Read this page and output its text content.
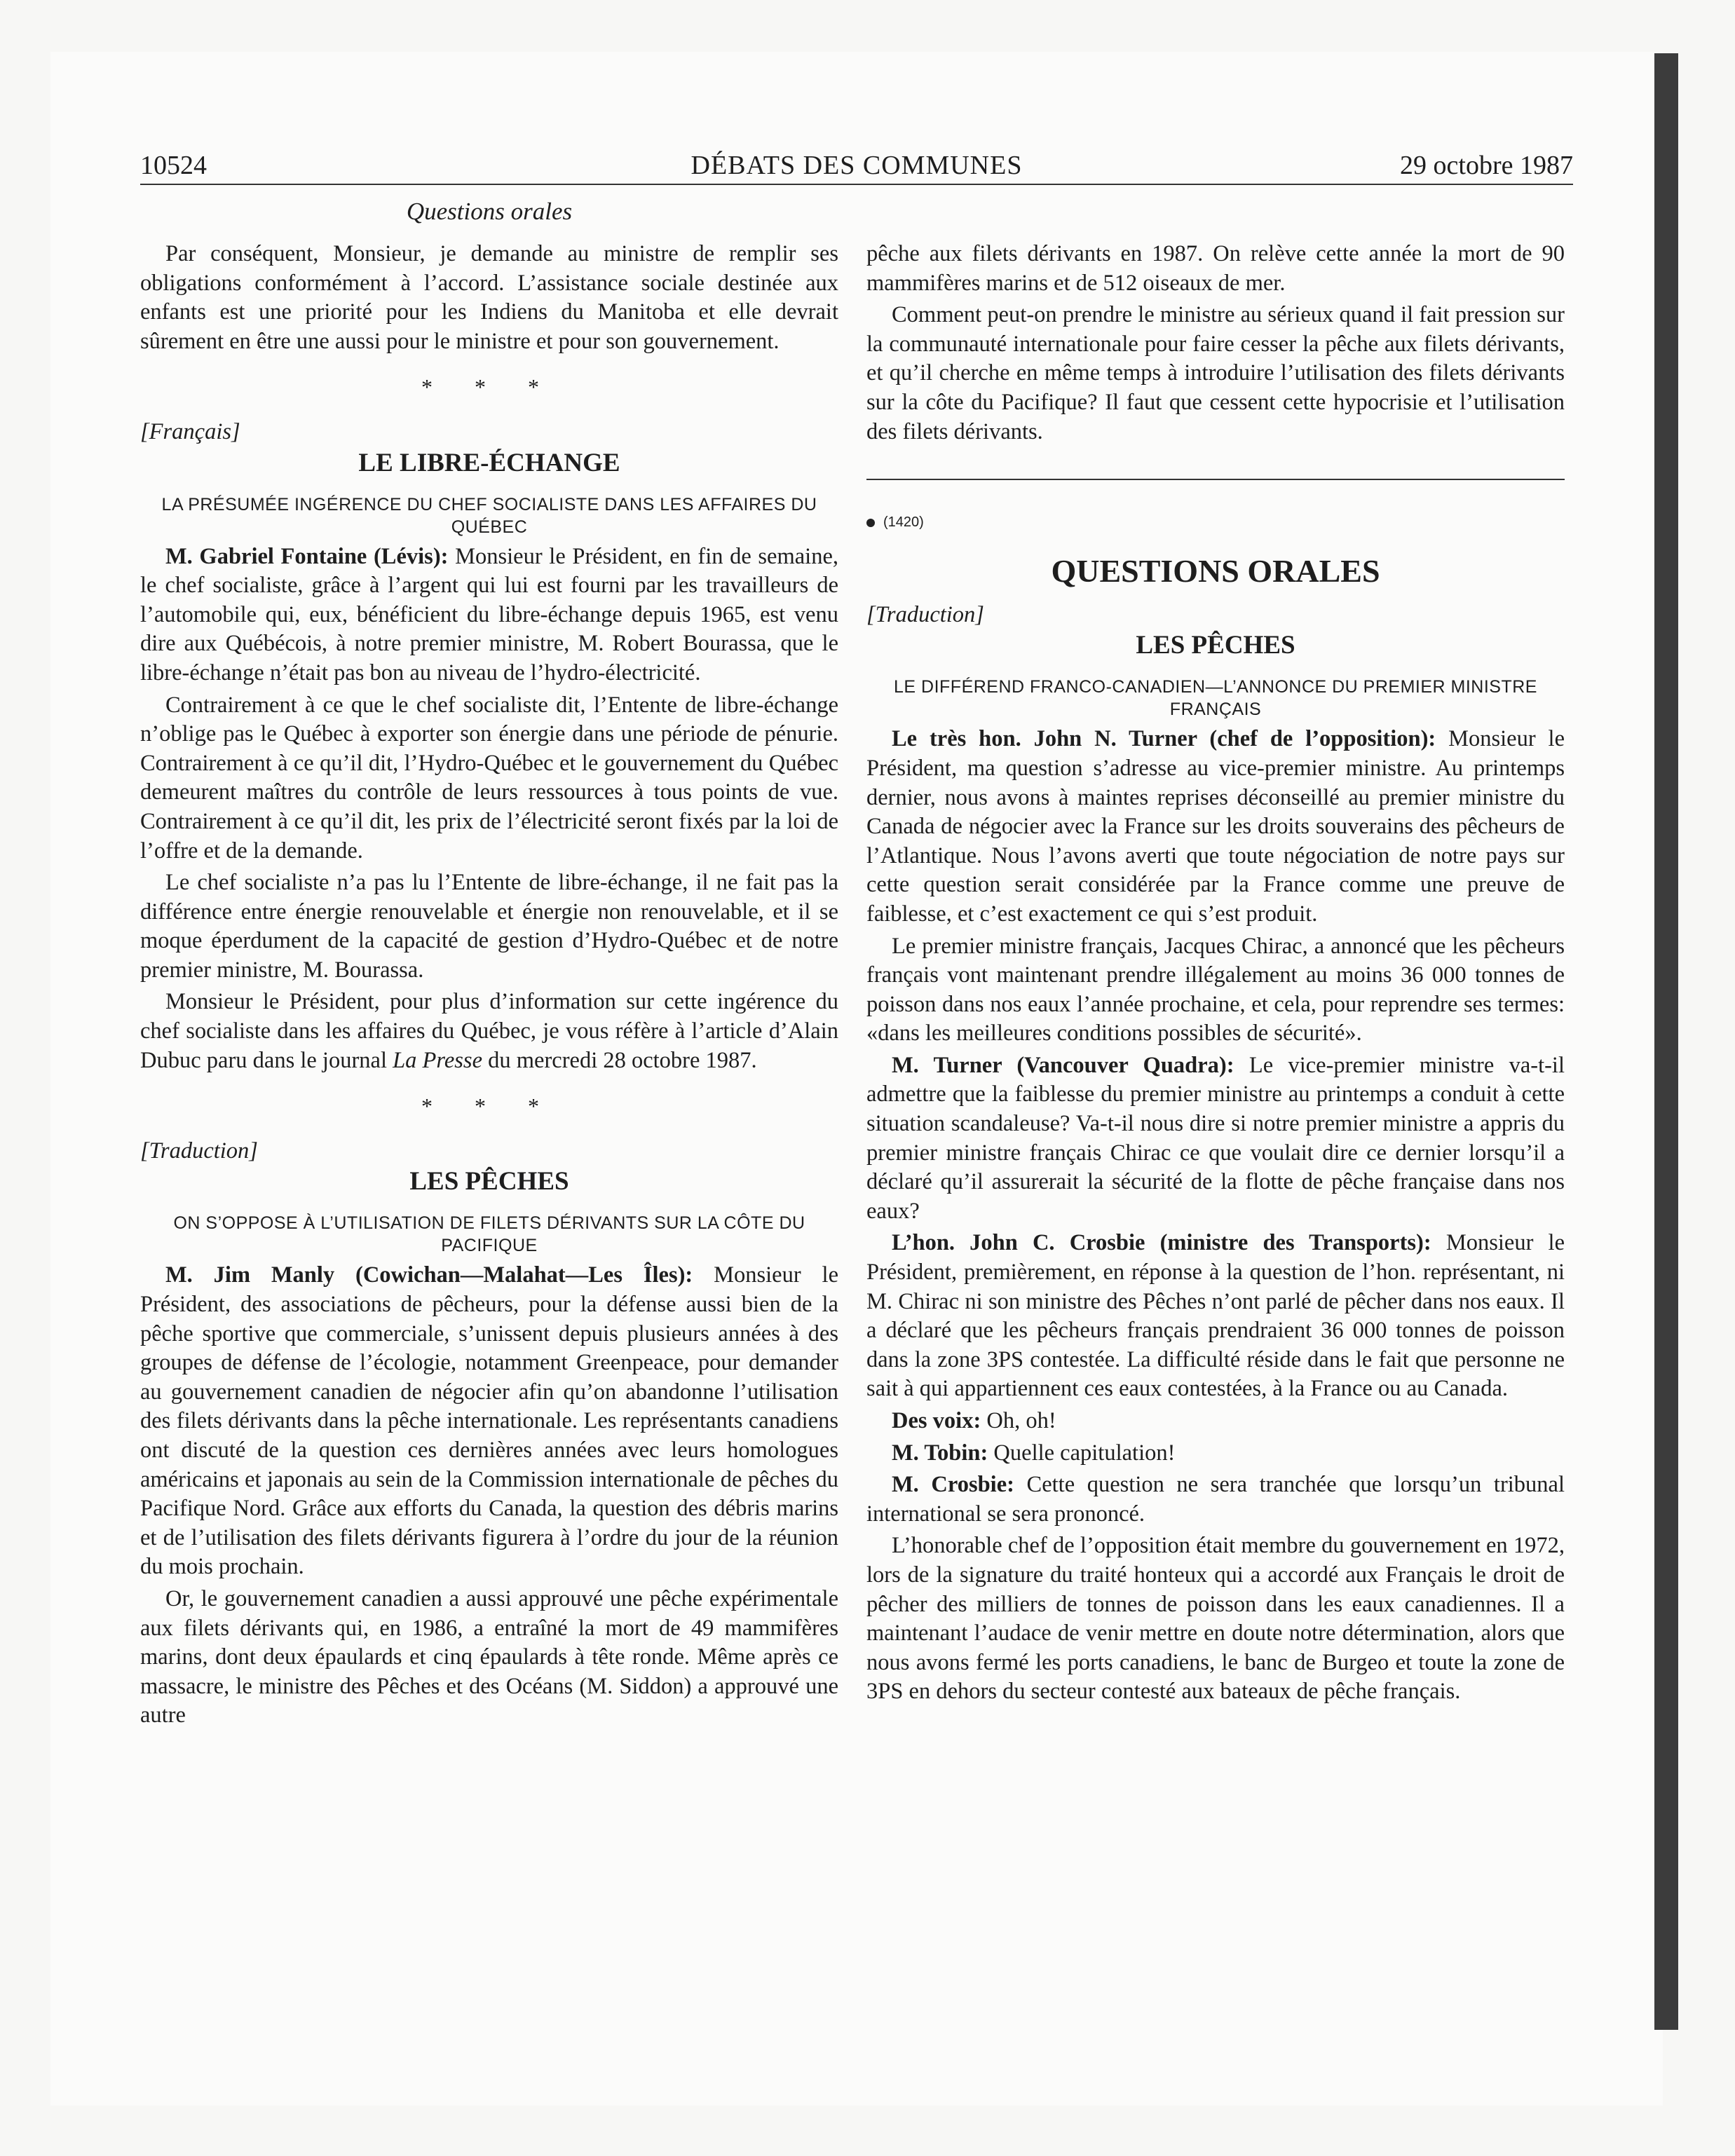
10524	DÉBATS DES COMMUNES	29 octobre 1987

Questions orales

Par conséquent, Monsieur, je demande au ministre de remplir ses obligations conformément à l’accord. L’assistance sociale destinée aux enfants est une priorité pour les Indiens du Manitoba et elle devrait sûrement en être une aussi pour le ministre et pour son gouvernement.

* * *

[Français]

LE LIBRE-ÉCHANGE

LA PRÉSUMÉE INGÉRENCE DU CHEF SOCIALISTE DANS LES AFFAIRES DU QUÉBEC

M. Gabriel Fontaine (Lévis): Monsieur le Président, en fin de semaine, le chef socialiste, grâce à l’argent qui lui est fourni par les travailleurs de l’automobile qui, eux, bénéficient du libre-échange depuis 1965, est venu dire aux Québécois, à notre premier ministre, M. Robert Bourassa, que le libre-échange n’était pas bon au niveau de l’hydro-électricité.

Contrairement à ce que le chef socialiste dit, l’Entente de libre-échange n’oblige pas le Québec à exporter son énergie dans une période de pénurie. Contrairement à ce qu’il dit, l’Hydro-Québec et le gouvernement du Québec demeurent maîtres du contrôle de leurs ressources à tous points de vue. Contrairement à ce qu’il dit, les prix de l’électricité seront fixés par la loi de l’offre et de la demande.

Le chef socialiste n’a pas lu l’Entente de libre-échange, il ne fait pas la différence entre énergie renouvelable et énergie non renouvelable, et il se moque éperdument de la capacité de gestion d’Hydro-Québec et de notre premier ministre, M. Bourassa.

Monsieur le Président, pour plus d’information sur cette ingérence du chef socialiste dans les affaires du Québec, je vous réfère à l’article d’Alain Dubuc paru dans le journal La Presse du mercredi 28 octobre 1987.

* * *

[Traduction]

LES PÊCHES

ON S’OPPOSE À L’UTILISATION DE FILETS DÉRIVANTS SUR LA CÔTE DU PACIFIQUE

M. Jim Manly (Cowichan—Malahat—Les Îles): Monsieur le Président, des associations de pêcheurs, pour la défense aussi bien de la pêche sportive que commerciale, s’unissent depuis plusieurs années à des groupes de défense de l’écologie, notamment Greenpeace, pour demander au gouvernement canadien de négocier afin qu’on abandonne l’utilisation des filets dérivants dans la pêche internationale. Les représentants canadiens ont discuté de la question ces dernières années avec leurs homologues américains et japonais au sein de la Commission internationale de pêches du Pacifique Nord. Grâce aux efforts du Canada, la question des débris marins et de l’utilisation des filets dérivants figurera à l’ordre du jour de la réunion du mois prochain.

Or, le gouvernement canadien a aussi approuvé une pêche expérimentale aux filets dérivants qui, en 1986, a entraîné la mort de 49 mammifères marins, dont deux épaulards et cinq épaulards à tête ronde. Même après ce massacre, le ministre des Pêches et des Océans (M. Siddon) a approuvé une autre

pêche aux filets dérivants en 1987. On relève cette année la mort de 90 mammifères marins et de 512 oiseaux de mer.

Comment peut-on prendre le ministre au sérieux quand il fait pression sur la communauté internationale pour faire cesser la pêche aux filets dérivants, et qu’il cherche en même temps à introduire l’utilisation des filets dérivants sur la côte du Pacifique? Il faut que cessent cette hypocrisie et l’utilisation des filets dérivants.

(1420)

QUESTIONS ORALES

[Traduction]

LES PÊCHES

LE DIFFÉREND FRANCO-CANADIEN—L’ANNONCE DU PREMIER MINISTRE FRANÇAIS

Le très hon. John N. Turner (chef de l’opposition): Monsieur le Président, ma question s’adresse au vice-premier ministre. Au printemps dernier, nous avons à maintes reprises déconseillé au premier ministre du Canada de négocier avec la France sur les droits souverains des pêcheurs de l’Atlantique. Nous l’avons averti que toute négociation de notre pays sur cette question serait considérée par la France comme une preuve de faiblesse, et c’est exactement ce qui s’est produit.

Le premier ministre français, Jacques Chirac, a annoncé que les pêcheurs français vont maintenant prendre illégalement au moins 36 000 tonnes de poisson dans nos eaux l’année prochaine, et cela, pour reprendre ses termes: «dans les meilleures conditions possibles de sécurité».

M. Turner (Vancouver Quadra): Le vice-premier ministre va-t-il admettre que la faiblesse du premier ministre au printemps a conduit à cette situation scandaleuse? Va-t-il nous dire si notre premier ministre a appris du premier ministre français Chirac ce que voulait dire ce dernier lorsqu’il a déclaré qu’il assurerait la sécurité de la flotte de pêche française dans nos eaux?

L’hon. John C. Crosbie (ministre des Transports): Monsieur le Président, premièrement, en réponse à la question de l’hon. représentant, ni M. Chirac ni son ministre des Pêches n’ont parlé de pêcher dans nos eaux. Il a déclaré que les pêcheurs français prendraient 36 000 tonnes de poisson dans la zone 3PS contestée. La difficulté réside dans le fait que personne ne sait à qui appartiennent ces eaux contestées, à la France ou au Canada.

Des voix: Oh, oh!

M. Tobin: Quelle capitulation!

M. Crosbie: Cette question ne sera tranchée que lorsqu’un tribunal international se sera prononcé.

L’honorable chef de l’opposition était membre du gouvernement en 1972, lors de la signature du traité honteux qui a accordé aux Français le droit de pêcher des milliers de tonnes de poisson dans les eaux canadiennes. Il a maintenant l’audace de venir mettre en doute notre détermination, alors que nous avons fermé les ports canadiens, le banc de Burgeo et toute la zone de 3PS en dehors du secteur contesté aux bateaux de pêche français.
